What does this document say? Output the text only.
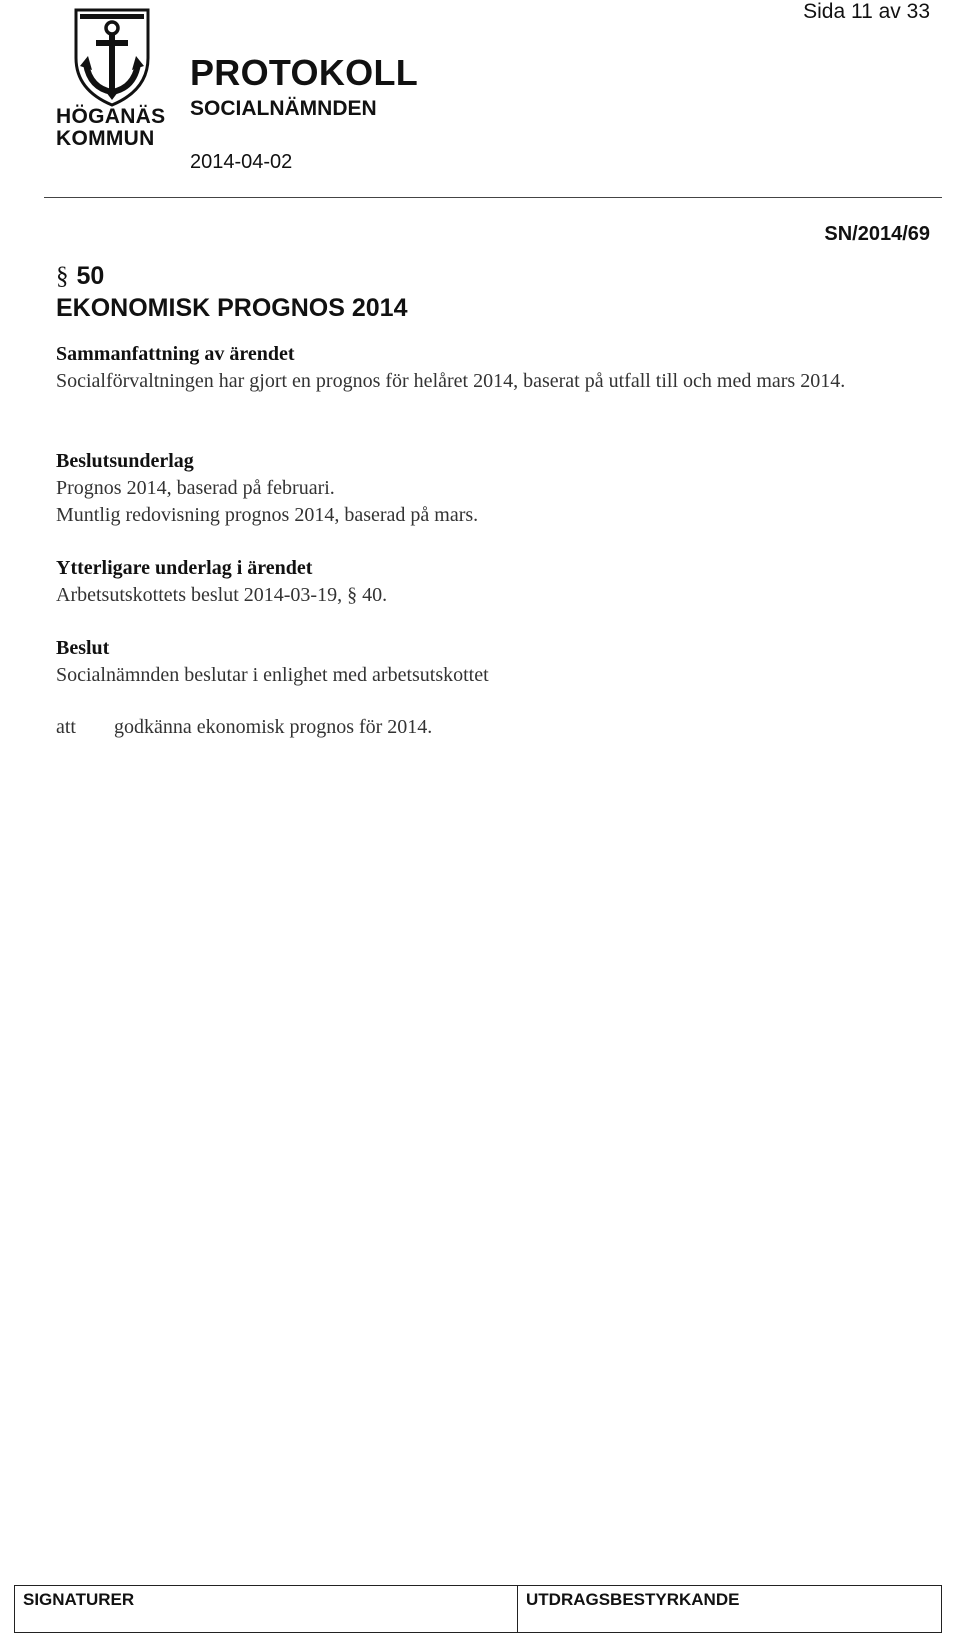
HÖGANÄS
KOMMUN
Sida 11 av 33
PROTOKOLL
SOCIALNÄMNDEN
2014-04-02
SN/2014/69
§ 50
EKONOMISK PROGNOS 2014
Sammanfattning av ärendet
Socialförvaltningen har gjort en prognos för helåret 2014, baserat på utfall till och med mars 2014.
Beslutsunderlag
Prognos 2014, baserad på februari.
Muntlig redovisning prognos 2014, baserad på mars.
Ytterligare underlag i ärendet
Arbetsutskottets beslut 2014-03-19, § 40.
Beslut
Socialnämnden beslutar i enlighet med arbetsutskottet
att godkänna ekonomisk prognos för 2014.
SIGNATURER	UTDRAGSBESTYRKANDE
